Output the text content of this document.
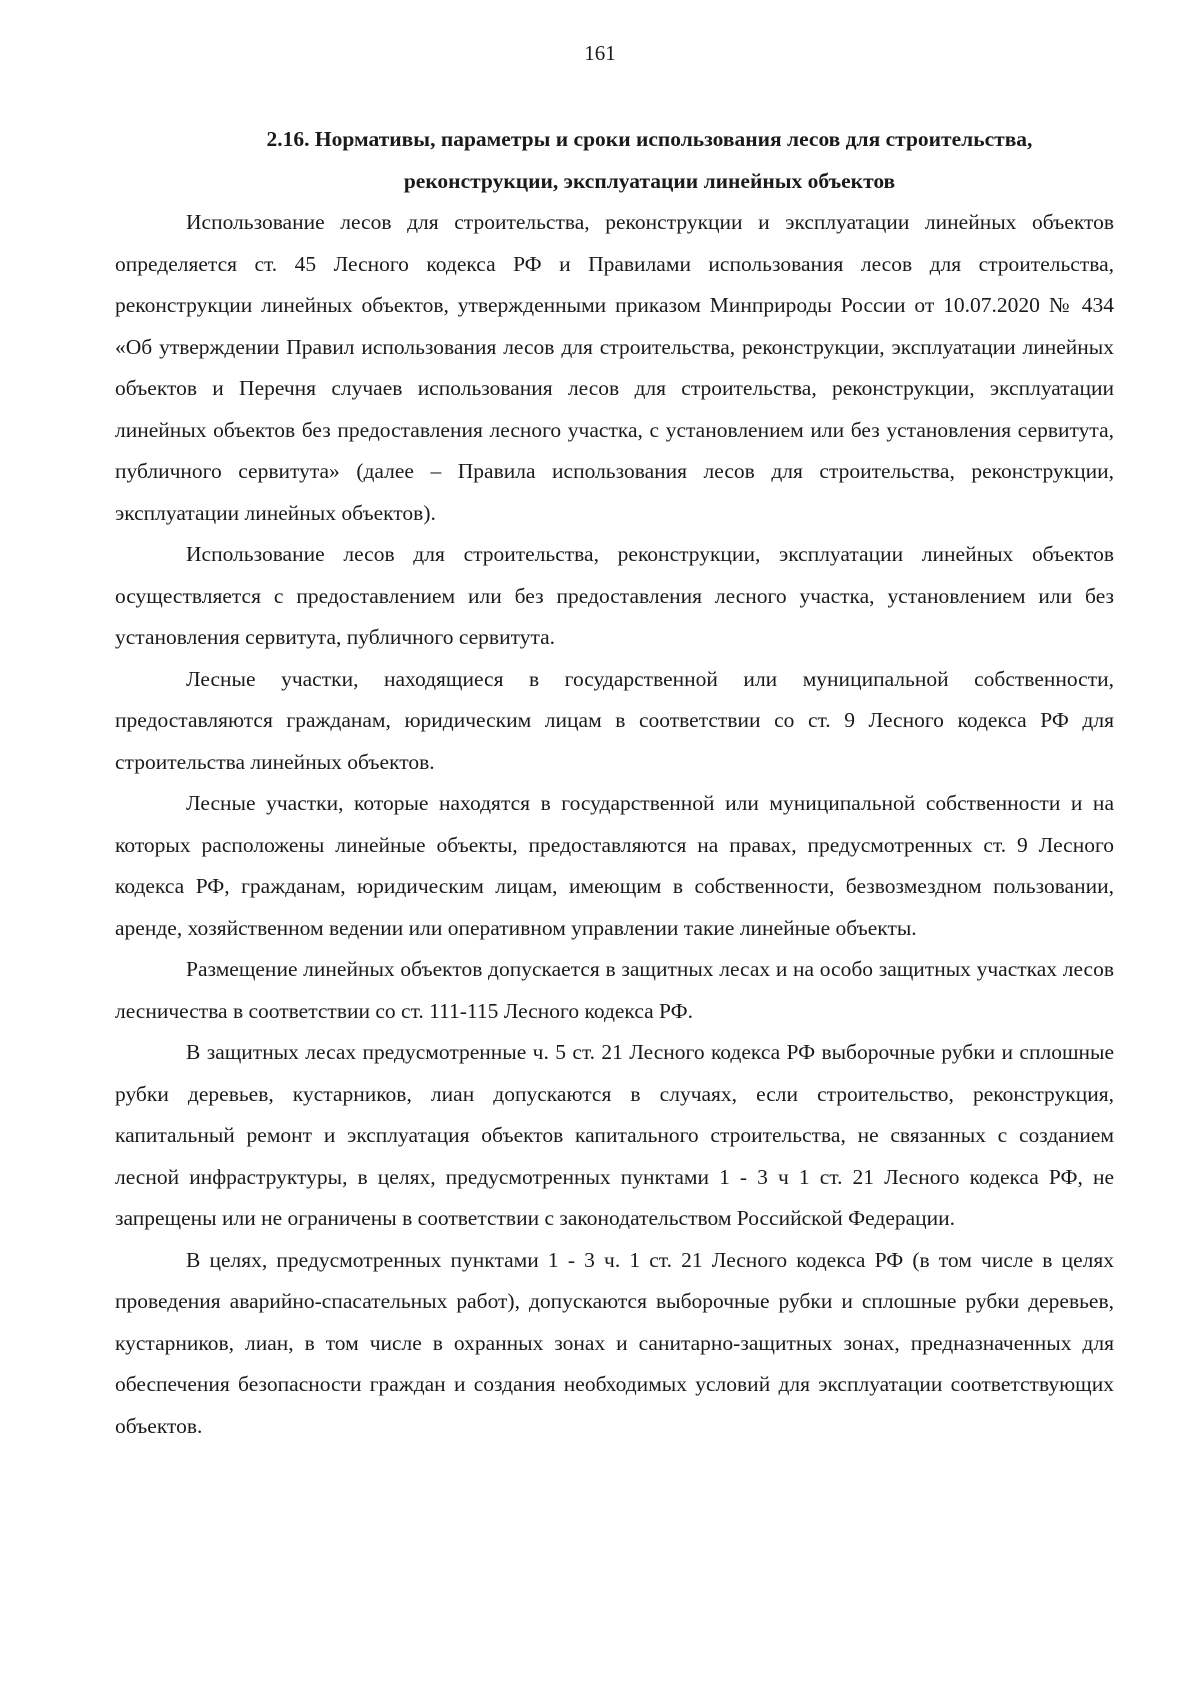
161
2.16. Нормативы, параметры и сроки использования лесов для строительства,
реконструкции, эксплуатации линейных объектов

Использование лесов для строительства, реконструкции и эксплуатации линейных объектов определяется ст. 45 Лесного кодекса РФ и Правилами использования лесов для строительства, реконструкции линейных объектов, утвержденными приказом Минприроды России от 10.07.2020 № 434 «Об утверждении Правил использования лесов для строительства, реконструкции, эксплуатации линейных объектов и Перечня случаев использования лесов для строительства, реконструкции, эксплуатации линейных объектов без предоставления лесного участка, с установлением или без установления сервитута, публичного сервитута» (далее – Правила использования лесов для строительства, реконструкции, эксплуатации линейных объектов).

Использование лесов для строительства, реконструкции, эксплуатации линейных объектов осуществляется с предоставлением или без предоставления лесного участка, установлением или без установления сервитута, публичного сервитута.

Лесные участки, находящиеся в государственной или муниципальной собственности, предоставляются гражданам, юридическим лицам в соответствии со ст. 9 Лесного кодекса РФ для строительства линейных объектов.

Лесные участки, которые находятся в государственной или муниципальной собственности и на которых расположены линейные объекты, предоставляются на правах, предусмотренных ст. 9 Лесного кодекса РФ, гражданам, юридическим лицам, имеющим в собственности, безвозмездном пользовании, аренде, хозяйственном ведении или оперативном управлении такие линейные объекты.

Размещение линейных объектов допускается в защитных лесах и на особо защитных участках лесов лесничества в соответствии со ст. 111-115 Лесного кодекса РФ.

В защитных лесах предусмотренные ч. 5 ст. 21 Лесного кодекса РФ выборочные рубки и сплошные рубки деревьев, кустарников, лиан допускаются в случаях, если строительство, реконструкция, капитальный ремонт и эксплуатация объектов капитального строительства, не связанных с созданием лесной инфраструктуры, в целях, предусмотренных пунктами 1 - 3 ч 1 ст. 21 Лесного кодекса РФ, не запрещены или не ограничены в соответствии с законодательством Российской Федерации.

В целях, предусмотренных пунктами 1 - 3 ч. 1 ст. 21 Лесного кодекса РФ (в том числе в целях проведения аварийно-спасательных работ), допускаются выборочные рубки и сплошные рубки деревьев, кустарников, лиан, в том числе в охранных зонах и санитарно-защитных зонах, предназначенных для обеспечения безопасности граждан и создания необходимых условий для эксплуатации соответствующих объектов.
